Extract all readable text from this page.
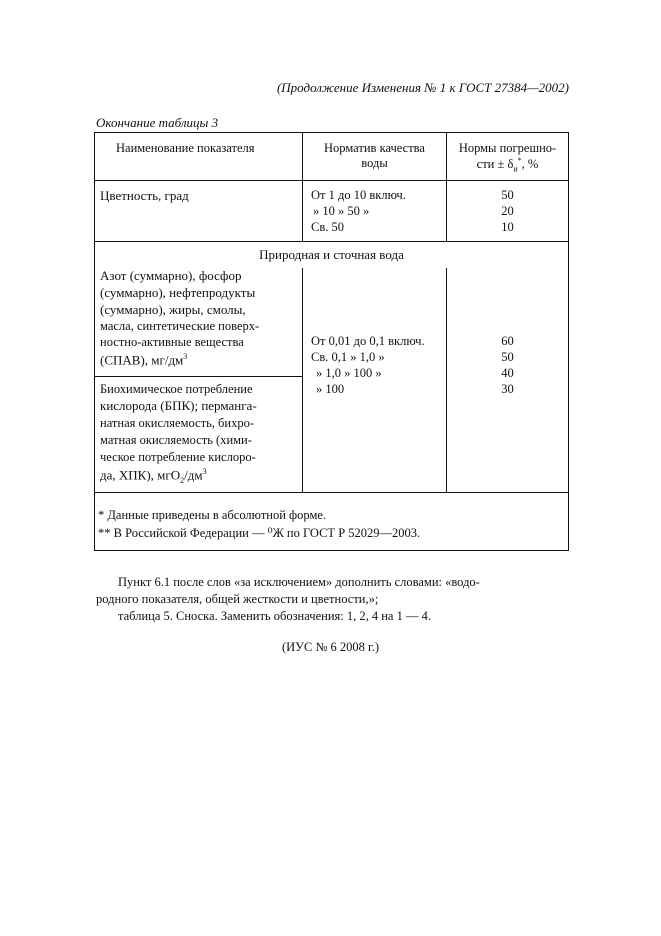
(Продолжение Изменения № 1 к ГОСТ 27384—2002)
Окончание таблицы 3
Наименование показателя	Норматив качества
воды
Нормы погрешно-
сти ± $\delta_и^*$, %
Цветность, град	От 1 до 10 включ.
» 10 » 50 »
Св. 50
50
20
10
Природная и сточная вода
Азот (суммарно), фосфор
(суммарно), нефтепродукты
(суммарно), жиры, смолы,
масла, синтетические поверх-
ностно-активные вещества
(СПАВ), $мг/дм^3$
Биохимическое потребление
кислорода (БПК); перманга-
натная окисляемость, бихро-
матная окисляемость (хими-
ческое потребление кислоро-
да, ХПК), $мгО_2/дм^3$
От 0,01 до 0,1 включ.
Св. 0,1 » 1,0 »
» 1,0 » 100 »
» 100
60
50
40
30
* Данные приведены в абсолютной форме.
** В Российской Федерации — ⁰Ж по ГОСТ Р 52029—2003.
Пункт 6.1 после слов «за исключением» дополнить словами: «водо-
родного показателя, общей жесткости и цветности,»;
таблица 5. Сноска. Заменить обозначения: 1, 2, 4 на 1 — 4.
(ИУС № 6 2008 г.)
